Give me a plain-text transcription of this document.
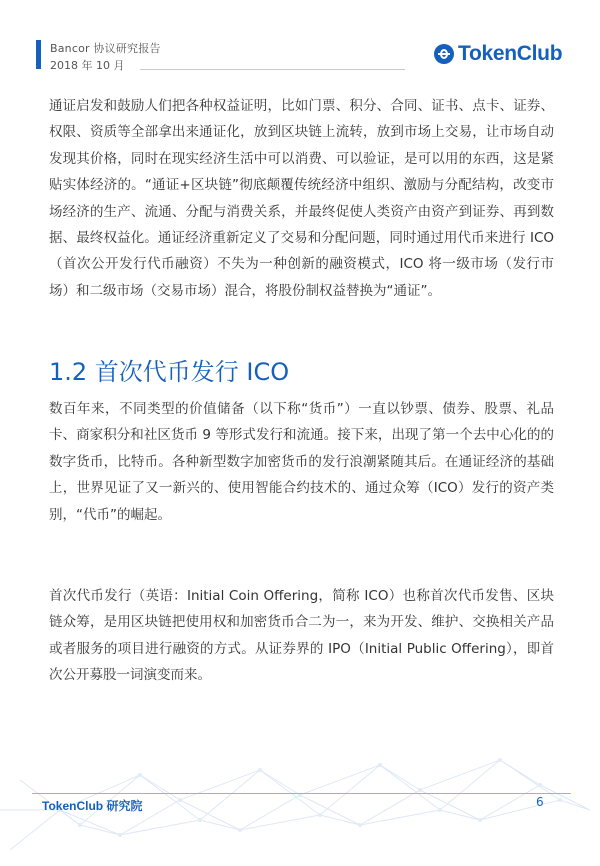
Bancor 协议研究报告
2018 年 10 月
TokenClub

通证启发和鼓励人们把各种权益证明，比如门票、积分、合同、证书、点卡、证券、权限、资质等全部拿出来通证化，放到区块链上流转，放到市场上交易，让市场自动发现其价格，同时在现实经济生活中可以消费、可以验证，是可以用的东西，这是紧贴实体经济的。“通证+区块链”彻底颠覆传统经济中组织、激励与分配结构，改变市场经济的生产、流通、分配与消费关系，并最终促使人类资产由资产到证券、再到数据、最终权益化。通证经济重新定义了交易和分配问题，同时通过用代币来进行 ICO（首次公开发行代币融资）不失为一种创新的融资模式，ICO 将一级市场（发行市场）和二级市场（交易市场）混合，将股份制权益替换为“通证”。

1.2 首次代币发行 ICO

数百年来，不同类型的价值储备（以下称“货币”）一直以钞票、债券、股票、礼品卡、商家积分和社区货币 9 等形式发行和流通。接下来，出现了第一个去中心化的的数字货币，比特币。各种新型数字加密货币的发行浪潮紧随其后。在通证经济的基础上，世界见证了又一新兴的、使用智能合约技术的、通过众筹（ICO）发行的资产类别，“代币”的崛起。

首次代币发行（英语：Initial Coin Offering，简称 ICO）也称首次代币发售、区块链众筹，是用区块链把使用权和加密货币合二为一，来为开发、维护、交换相关产品或者服务的项目进行融资的方式。从证券界的 IPO（Initial Public Offering），即首次公开募股一词演变而来。

TokenClub 研究院	6
